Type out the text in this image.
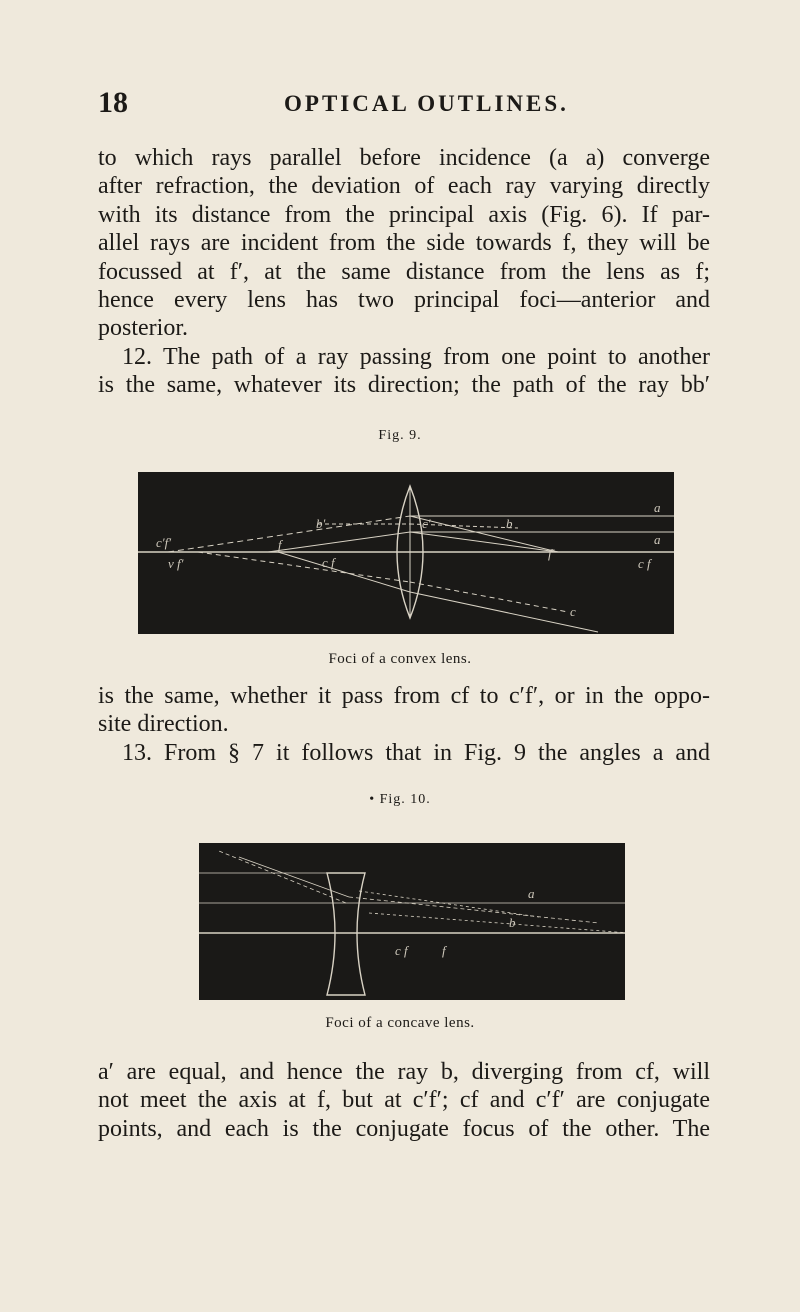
18	OPTICAL OUTLINES.
to which rays parallel before incidence (a a) converge
after refraction, the deviation of each ray varying directly
with its distance from the principal axis (Fig. 6). If par-
allel rays are incident from the side towards f, they will be
focussed at f′, at the same distance from the lens as f;
hence every lens has two principal foci—anterior and
posterior.
12. The path of a ray passing from one point to another
is the same, whatever its direction; the path of the ray bb′
Fig. 9.
c′f′
v f′
f
c f
b′	b
f′
a
a
c f
c
c′
Foci of a convex lens.
is the same, whether it pass from cf to c′f′, or in the oppo-
site direction.
13. From § 7 it follows that in Fig. 9 the angles a and
• Fig. 10.
a
b
c f	f
Foci of a concave lens.
a′ are equal, and hence the ray b, diverging from cf, will
not meet the axis at f, but at c′f′; cf and c′f′ are conjugate
points, and each is the conjugate focus of the other. The
